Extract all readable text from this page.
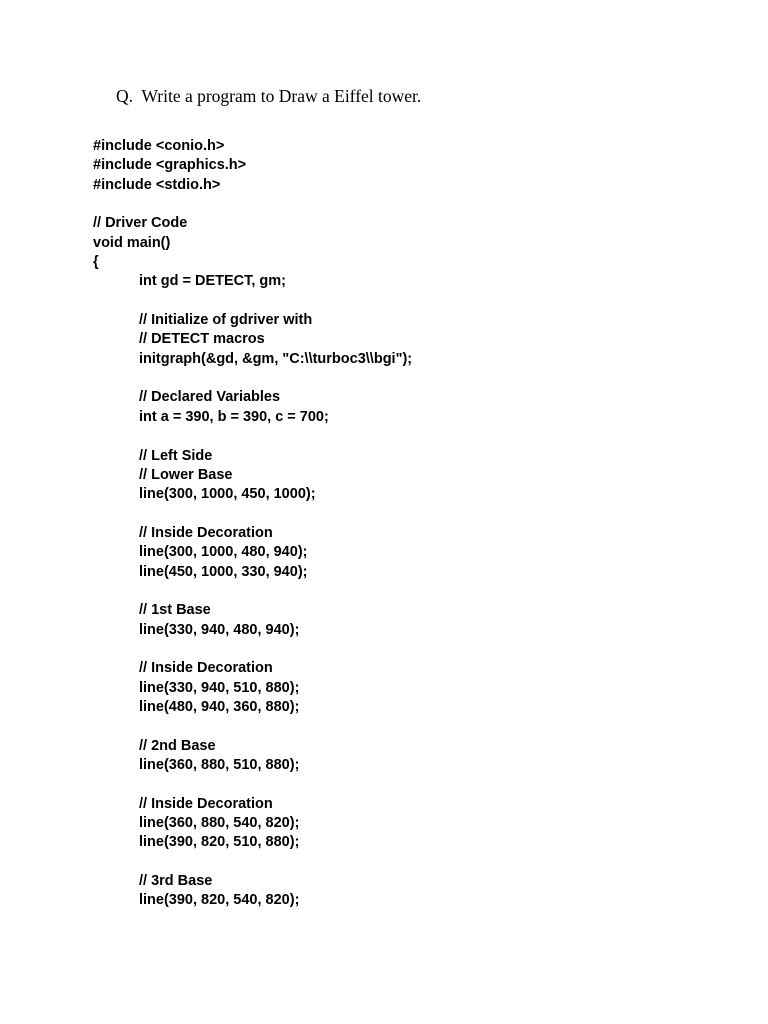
Q.  Write a program to Draw a Eiffel tower.
#include <conio.h>
#include <graphics.h>
#include <stdio.h>
// Driver Code
void main()
{
int gd = DETECT, gm;
// Initialize of gdriver with
// DETECT macros
initgraph(&gd, &gm, "C:\\turboc3\\bgi");
// Declared Variables
int a = 390, b = 390, c = 700;
// Left Side
// Lower Base
line(300, 1000, 450, 1000);
// Inside Decoration
line(300, 1000, 480, 940);
line(450, 1000, 330, 940);
// 1st Base
line(330, 940, 480, 940);
// Inside Decoration
line(330, 940, 510, 880);
line(480, 940, 360, 880);
// 2nd Base
line(360, 880, 510, 880);
// Inside Decoration
line(360, 880, 540, 820);
line(390, 820, 510, 880);
// 3rd Base
line(390, 820, 540, 820);
